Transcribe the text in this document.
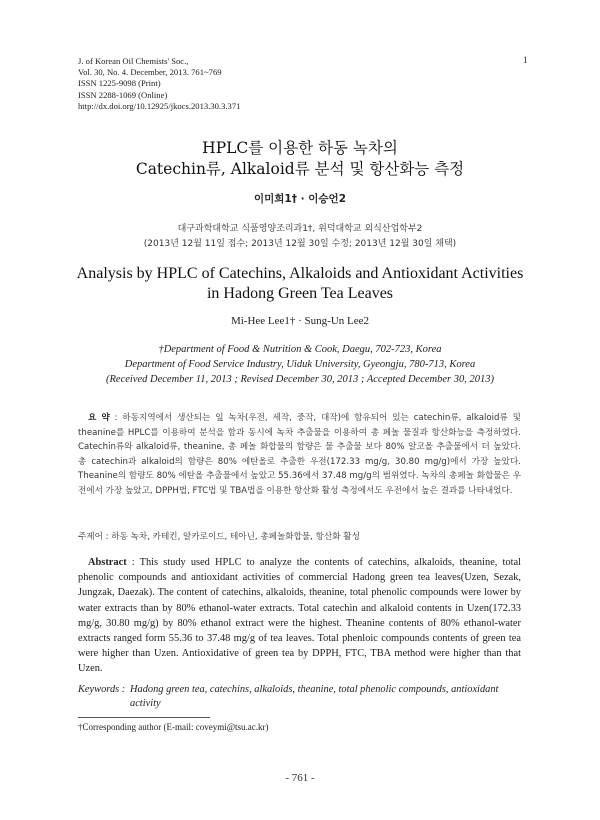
J. of Korean Oil Chemists' Soc.,
Vol. 30, No. 4. December, 2013. 761~769
ISSN 1225-9098 (Print)
ISSN 2288-1069 (Online)
http://dx.doi.org/10.12925/jkocs.2013.30.3.371
1
HPLC를 이용한 하동 녹차의
Catechin류, Alkaloid류 분석 및 항산화능 측정
이미희1† · 이승언2
대구과학대학교 식품영양조리과1†, 위덕대학교 외식산업학부2
(2013년 12월 11일 접수; 2013년 12월 30일 수정; 2013년 12월 30일 채택)
Analysis by HPLC of Catechins, Alkaloids and Antioxidant Activities
in Hadong Green Tea Leaves
Mi-Hee Lee1† · Sung-Un Lee2
†Department of Food & Nutrition & Cook, Daegu, 702-723, Korea
Department of Food Service Industry, Uiduk University, Gyeongju, 780-713, Korea
(Received December 11, 2013 ; Revised December 30, 2013 ; Accepted December 30, 2013)
요 약 : 하동지역에서 생산되는 잎 녹차(우전, 세작, 중작, 대작)에 함유되어 있는 catechin류, alkaloid류 및 theanine를 HPLC를 이용하여 분석을 함과 동시에 녹차 추출물을 이용하여 총 페놀 물질과 항산화능을 측정하였다. Catechin류와 alkaloid류, theanine, 총 페놀 화합물의 함량은 물 추출물 보다 80% 알코올 추출물에서 더 높았다. 총 catechin과 alkaloid의 함량은 80% 에탄올로 추출한 우전(172.33 mg/g, 30.80 mg/g)에서 가장 높았다. Theanine의 함량도 80% 에탄올 추출물에서 높았고 55.36에서 37.48 mg/g의 범위였다. 녹차의 총페놀 화합물은 우전에서 가장 높았고, DPPH법, FTC법 및 TBA법을 이용한 항산화 활성 측정에서도 우전에서 높은 결과를 나타내었다.
주제어 : 하동 녹차, 카테킨, 알카로이드, 테아닌, 총페놀화합물, 항산화 활성
Abstract : This study used HPLC to analyze the contents of catechins, alkaloids, theanine, total phenolic compounds and antioxidant activities of commercial Hadong green tea leaves(Uzen, Sezak, Jungzak, Daezak). The content of catechins, alkaloids, theanine, total phenolic compounds were lower by water extracts than by 80% ethanol-water extracts. Total catechin and alkaloid contents in Uzen(172.33 mg/g, 30.80 mg/g) by 80% ethanol extract were the highest. Theanine contents of 80% ethanol-water extracts ranged form 55.36 to 37.48 mg/g of tea leaves. Total phenloic compounds contents of green tea were higher than Uzen. Antioxidative of green tea by DPPH, FTC, TBA method were higher than that Uzen.
Keywords : Hadong green tea, catechins, alkaloids, theanine, total phenolic compounds, antioxidant
activity
†Corresponding author (E-mail: coveymi@tsu.ac.kr)
- 761 -
